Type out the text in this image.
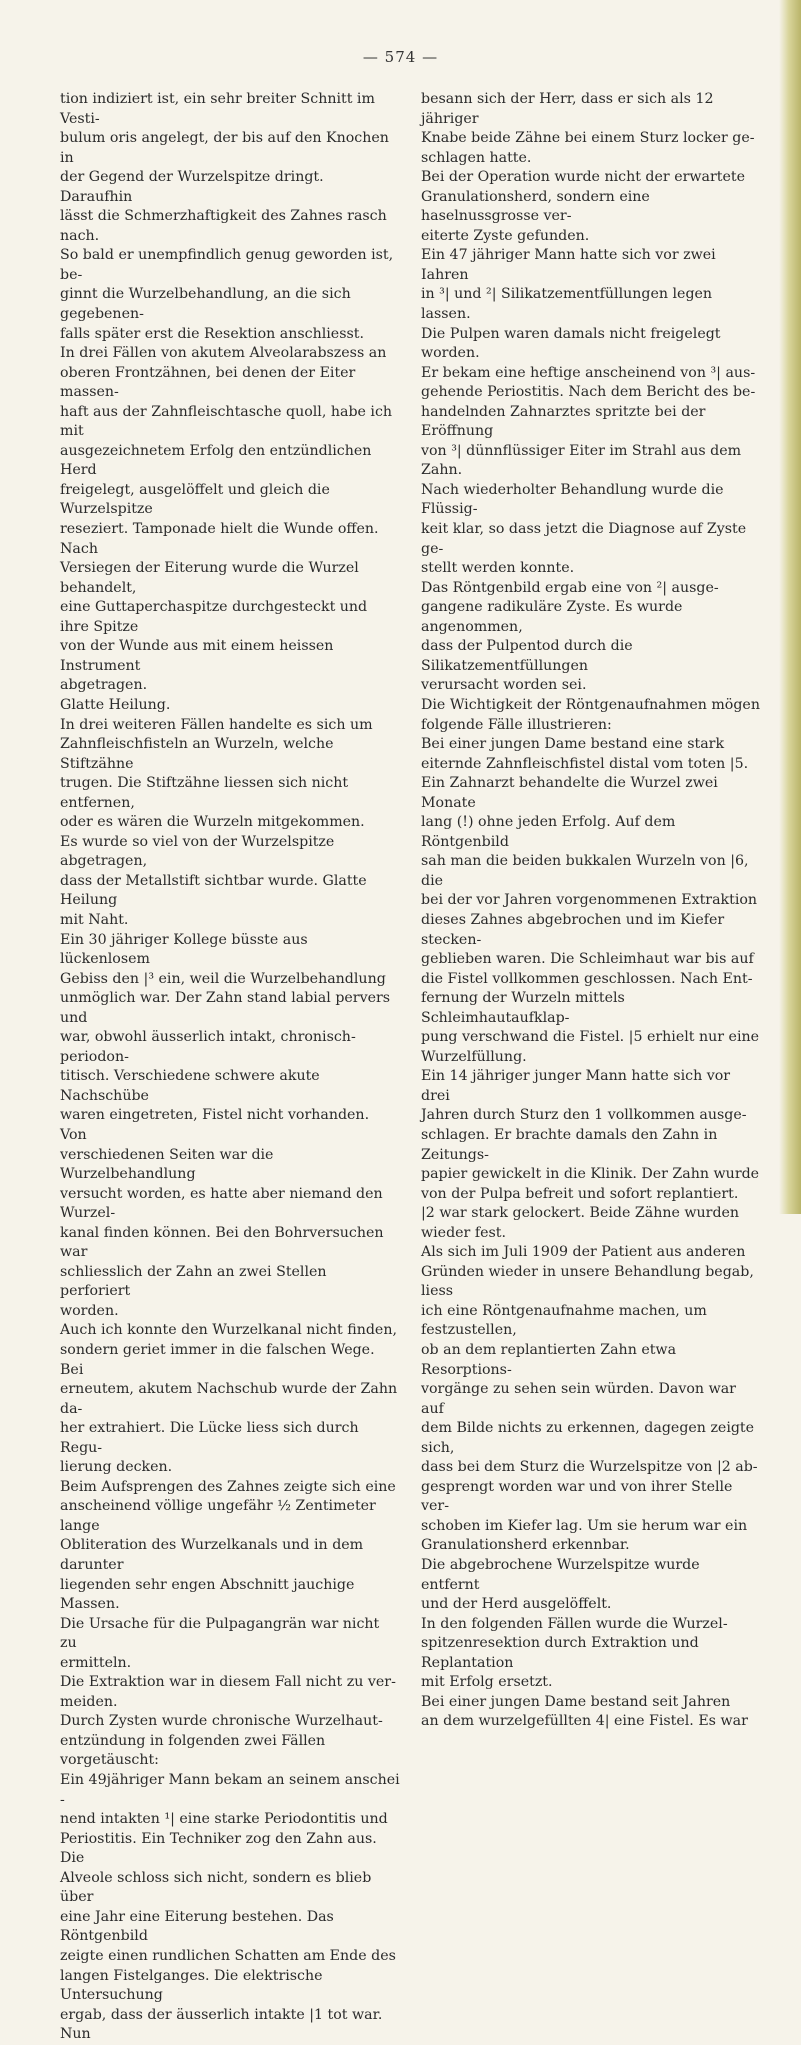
— 574 —

tion indiziert ist, ein sehr breiter Schnitt im Vesti-

bulum oris angelegt, der bis auf den Knochen in

der Gegend der Wurzelspitze dringt. Daraufhin

lässt die Schmerzhaftigkeit des Zahnes rasch nach.

So bald er unempfindlich genug geworden ist, be-

ginnt die Wurzelbehandlung, an die sich gegebenen-

falls später erst die Resektion anschliesst.

In drei Fällen von akutem Alveolarabszess an

oberen Frontzähnen, bei denen der Eiter massen-

haft aus der Zahnfleischtasche quoll, habe ich mit

ausgezeichnetem Erfolg den entzündlichen Herd

freigelegt, ausgelöffelt und gleich die Wurzelspitze

reseziert. Tamponade hielt die Wunde offen. Nach

Versiegen der Eiterung wurde die Wurzel behandelt,

eine Guttaperchaspitze durchgesteckt und ihre Spitze

von der Wunde aus mit einem heissen Instrument

abgetragen.

Glatte Heilung.

In drei weiteren Fällen handelte es sich um

Zahnfleischfisteln an Wurzeln, welche Stiftzähne

trugen. Die Stiftzähne liessen sich nicht entfernen,

oder es wären die Wurzeln mitgekommen.

Es wurde so viel von der Wurzelspitze abgetragen,

dass der Metallstift sichtbar wurde. Glatte Heilung

mit Naht.

Ein 30 jähriger Kollege büsste aus lückenlosem

Gebiss den |³ ein, weil die Wurzelbehandlung

unmöglich war. Der Zahn stand labial pervers und

war, obwohl äusserlich intakt, chronisch-periodon-

titisch. Verschiedene schwere akute Nachschübe

waren eingetreten, Fistel nicht vorhanden. Von

verschiedenen Seiten war die Wurzelbehandlung

versucht worden, es hatte aber niemand den Wurzel-

kanal finden können. Bei den Bohrversuchen war

schliesslich der Zahn an zwei Stellen perforiert

worden.

Auch ich konnte den Wurzelkanal nicht finden,

sondern geriet immer in die falschen Wege. Bei

erneutem, akutem Nachschub wurde der Zahn da-

her extrahiert. Die Lücke liess sich durch Regu-

lierung decken.

Beim Aufsprengen des Zahnes zeigte sich eine

anscheinend völlige ungefähr ½ Zentimeter lange

Obliteration des Wurzelkanals und in dem darunter

liegenden sehr engen Abschnitt jauchige Massen.

Die Ursache für die Pulpagangrän war nicht zu

ermitteln.

Die Extraktion war in diesem Fall nicht zu ver-

meiden.

Durch Zysten wurde chronische Wurzelhaut-

entzündung in folgenden zwei Fällen vorgetäuscht:

Ein 49jähriger Mann bekam an seinem anschei -

nend intakten ¹| eine starke Periodontitis und

Periostitis. Ein Techniker zog den Zahn aus. Die

Alveole schloss sich nicht, sondern es blieb über

eine Jahr eine Eiterung bestehen. Das Röntgenbild

zeigte einen rundlichen Schatten am Ende des

langen Fistelganges. Die elektrische Untersuchung

ergab, dass der äusserlich intakte |1 tot war. Nun

besann sich der Herr, dass er sich als 12 jähriger

Knabe beide Zähne bei einem Sturz locker ge-

schlagen hatte.

Bei der Operation wurde nicht der erwartete

Granulationsherd, sondern eine haselnussgrosse ver-

eiterte Zyste gefunden.

Ein 47 jähriger Mann hatte sich vor zwei Iahren

in ³| und ²| Silikatzementfüllungen legen lassen.

Die Pulpen waren damals nicht freigelegt worden.

Er bekam eine heftige anscheinend von ³| aus-

gehende Periostitis. Nach dem Bericht des be-

handelnden Zahnarztes spritzte bei der Eröffnung

von ³| dünnflüssiger Eiter im Strahl aus dem Zahn.

Nach wiederholter Behandlung wurde die Flüssig-

keit klar, so dass jetzt die Diagnose auf Zyste ge-

stellt werden konnte.

Das Röntgenbild ergab eine von ²| ausge-

gangene radikuläre Zyste. Es wurde angenommen,

dass der Pulpentod durch die Silikatzementfüllungen

verursacht worden sei.

Die Wichtigkeit der Röntgenaufnahmen mögen

folgende Fälle illustrieren:

Bei einer jungen Dame bestand eine stark

eiternde Zahnfleischfistel distal vom toten |5.

Ein Zahnarzt behandelte die Wurzel zwei Monate

lang (!) ohne jeden Erfolg. Auf dem Röntgenbild

sah man die beiden bukkalen Wurzeln von |6, die

bei der vor Jahren vorgenommenen Extraktion

dieses Zahnes abgebrochen und im Kiefer stecken-

geblieben waren. Die Schleimhaut war bis auf

die Fistel vollkommen geschlossen. Nach Ent-

fernung der Wurzeln mittels Schleimhautaufklap-

pung verschwand die Fistel. |5 erhielt nur eine

Wurzelfüllung.

Ein 14 jähriger junger Mann hatte sich vor drei

Jahren durch Sturz den 1 vollkommen ausge-

schlagen. Er brachte damals den Zahn in Zeitungs-

papier gewickelt in die Klinik. Der Zahn wurde

von der Pulpa befreit und sofort replantiert.

|2 war stark gelockert. Beide Zähne wurden

wieder fest.

Als sich im Juli 1909 der Patient aus anderen

Gründen wieder in unsere Behandlung begab, liess

ich eine Röntgenaufnahme machen, um festzustellen,

ob an dem replantierten Zahn etwa Resorptions-

vorgänge zu sehen sein würden. Davon war auf

dem Bilde nichts zu erkennen, dagegen zeigte sich,

dass bei dem Sturz die Wurzelspitze von |2 ab-

gesprengt worden war und von ihrer Stelle ver-

schoben im Kiefer lag. Um sie herum war ein

Granulationsherd erkennbar.

Die abgebrochene Wurzelspitze wurde entfernt

und der Herd ausgelöffelt.

In den folgenden Fällen wurde die Wurzel-

spitzenresektion durch Extraktion und Replantation

mit Erfolg ersetzt.

Bei einer jungen Dame bestand seit Jahren

an dem wurzelgefüllten 4| eine Fistel. Es war
